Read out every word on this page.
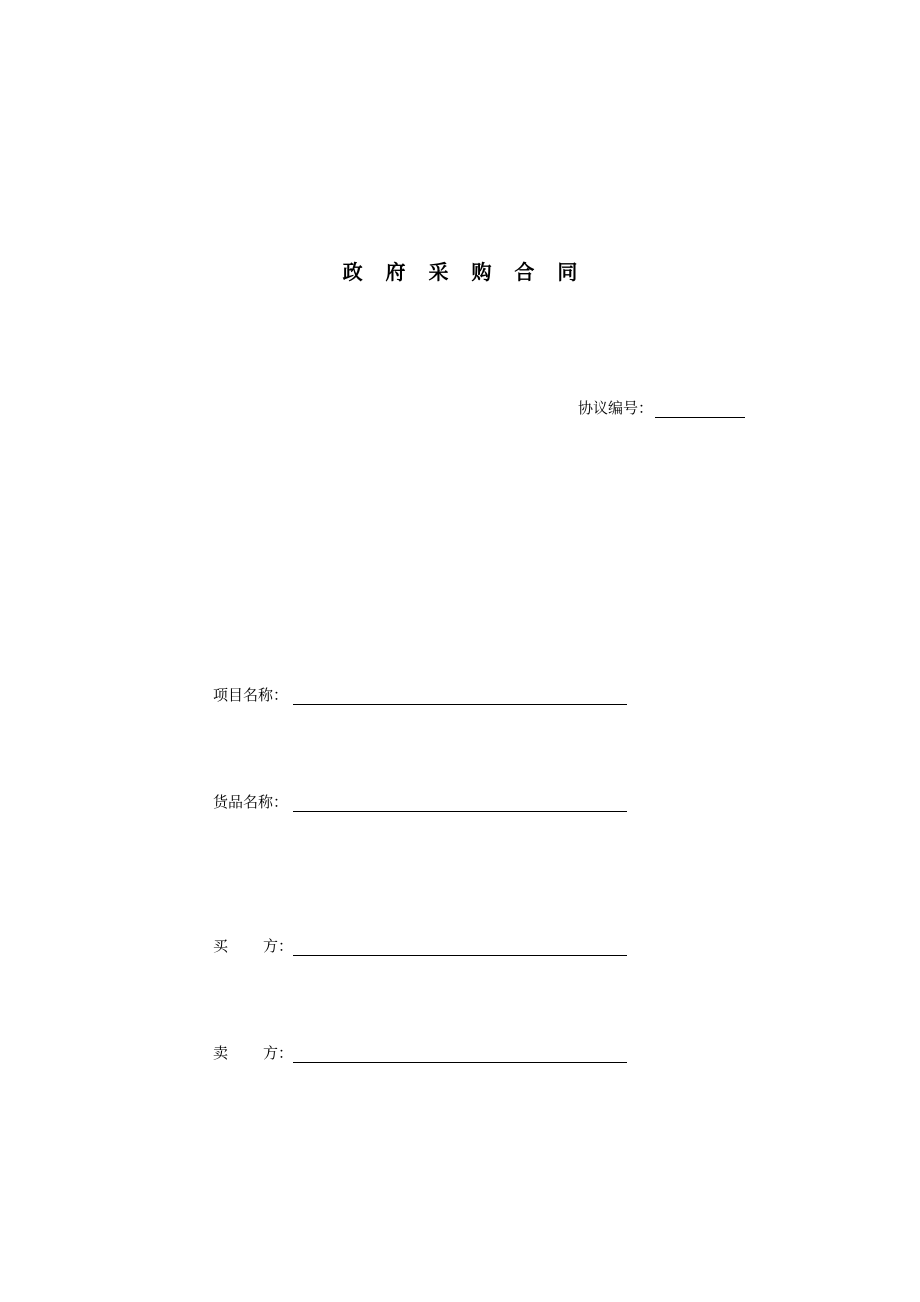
政 府 采 购 合 同
协议编号：
项目名称：
货品名称：
买 方：
卖 方：
